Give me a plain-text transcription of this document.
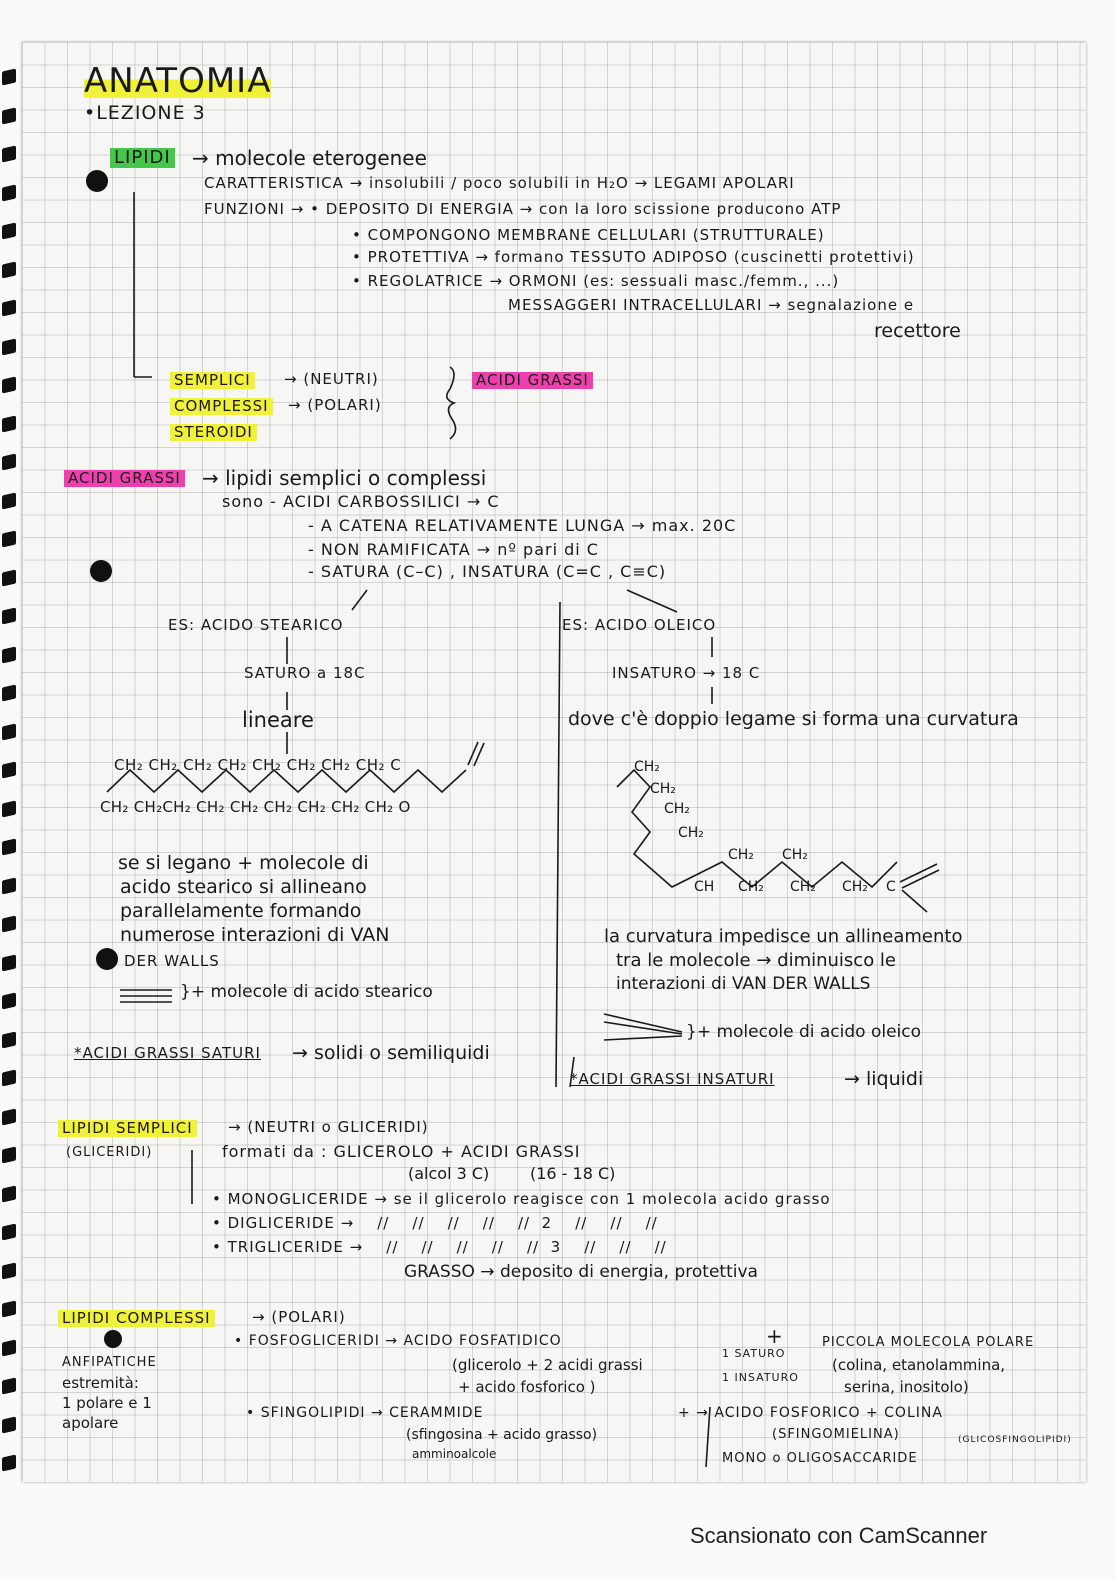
ANATOMIA
•LEZIONE 3
LIPIDI → molecole eterogenee
CARATTERISTICA → insolubili / poco solubili in H₂O → LEGAMI APOLARI
FUNZIONI → • DEPOSITO DI ENERGIA → con la loro scissione producono ATP
• COMPONGONO MEMBRANE CELLULARI (STRUTTURALE)
• PROTETTIVA → formano TESSUTO ADIPOSO (cuscinetti protettivi)
• REGOLATRICE → ORMONI (es: sessuali masc./femm., ...)
MESSAGGERI INTRACELLULARI → segnalazione e
recettore
SEMPLICI
COMPLESSI
STEROIDI
→ (NEUTRI)
→ (POLARI)
ACIDI GRASSI
ACIDI GRASSI → lipidi semplici o complessi
sono - ACIDI CARBOSSILICI → C
- A CATENA RELATIVAMENTE LUNGA → max. 20C
- NON RAMIFICATA → nº pari di C
- SATURA (C–C) , INSATURA (C=C , C≡C)
ES: ACIDO STEARICO
SATURO a 18C
lineare
CH₂ CH₂ CH₂ CH₂ CH₂ CH₂ CH₂ CH₂ C
CH₂ CH₂CH₂ CH₂ CH₂ CH₂ CH₂ CH₂ CH₂ O
se si legano + molecole di
acido stearico si allineano
parallelamente formando
numerose interazioni di VAN
DER WALLS
}+ molecole di acido stearico
*ACIDI GRASSI SATURI → solidi o semiliquidi
ES: ACIDO OLEICO
INSATURO → 18 C
dove c'è doppio legame si forma una curvatura
CH₂
CH₂
CH₂
CH₂
CH₂ CH₂
CH CH₂ CH₂ CH₂ C
la curvatura impedisce un allineamento
tra le molecole → diminuisco le
interazioni di VAN DER WALLS
}+ molecole di acido oleico
*ACIDI GRASSI INSATURI	→ liquidi
LIPIDI SEMPLICI
(GLICERIDI)
→ (NEUTRI o GLICERIDI)
formati da : GLICEROLO + ACIDI GRASSI
(alcol 3 C)        (16 - 18 C)
• MONOGLICERIDE → se il glicerolo reagisce con 1 molecola acido grasso
• DIGLICERIDE →    //    //    //    //    //  2    //    //    //
• TRIGLICERIDE →    //    //    //    //    //  3    //    //    //
GRASSO → deposito di energia, protettiva
LIPIDI COMPLESSI	→ (POLARI)
ANFIPATICHE
estremità:
1 polare e 1
apolare
• FOSFOGLICERIDI → ACIDO FOSFATIDICO
(glicerolo + 2 acidi grassi
+ acido fosforico )
1 SATURO
1 INSATURO
+	PICCOLA MOLECOLA POLARE
(colina, etanolammina,
serina, inositolo)
• SFINGOLIPIDI → CERAMMIDE
(sfingosina + acido grasso)
amminoalcole
+ → ACIDO FOSFORICO + COLINA
(SFINGOMIELINA)	(GLICOSFINGOLIPIDI)
MONO o OLIGOSACCARIDE
Scansionato con CamScanner
